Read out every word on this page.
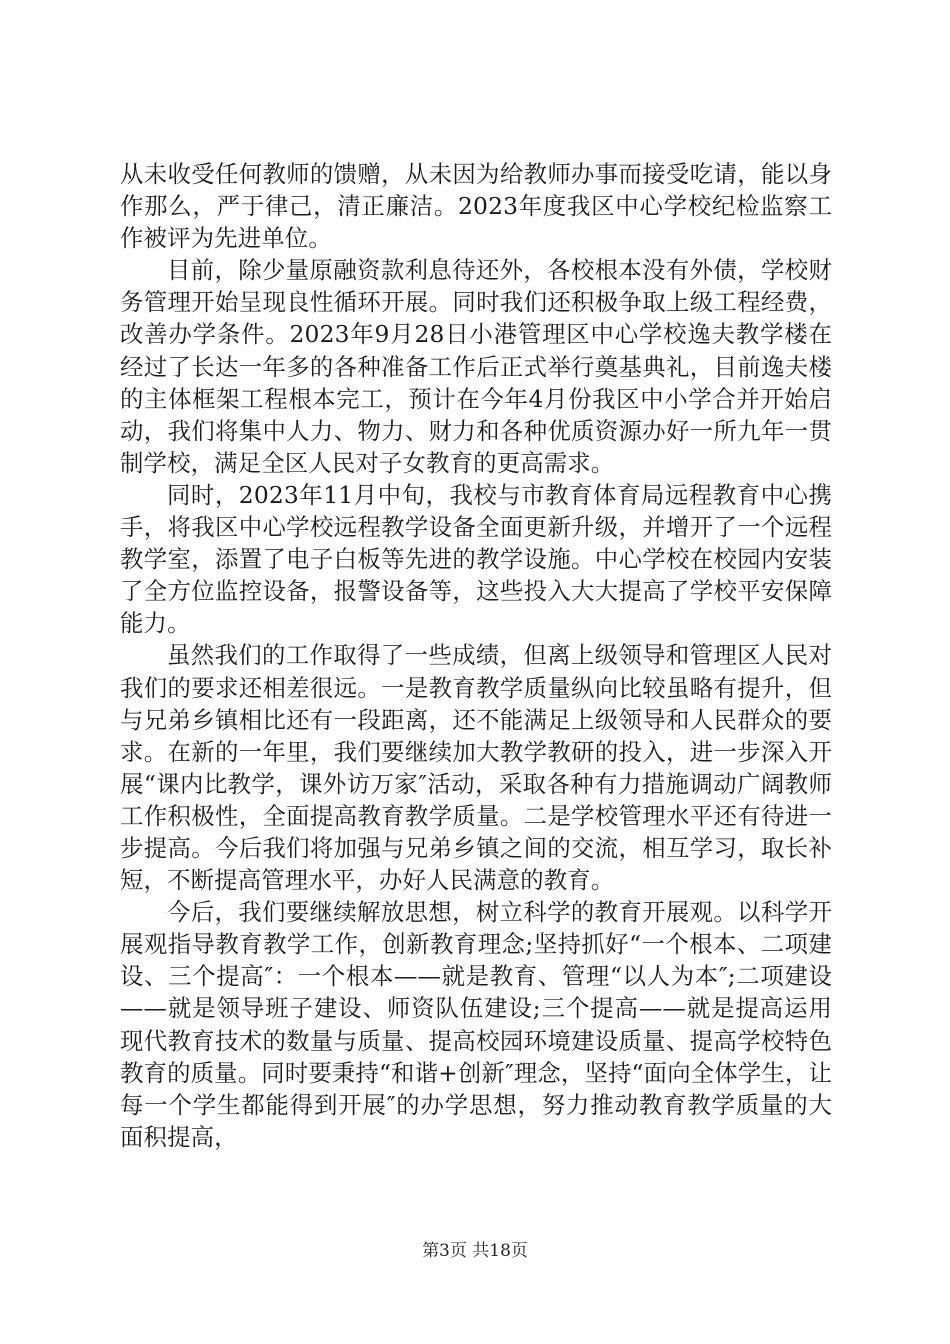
从未收受任何教师的馈赠，从未因为给教师办事而接受吃请，能以身作那么，严于律己，清正廉洁。2023年度我区中心学校纪检监察工作被评为先进单位。

目前，除少量原融资款利息待还外，各校根本没有外债，学校财务管理开始呈现良性循环开展。同时我们还积极争取上级工程经费，改善办学条件。2023年9月28日小港管理区中心学校逸夫教学楼在经过了长达一年多的各种准备工作后正式举行奠基典礼，目前逸夫楼的主体框架工程根本完工，预计在今年4月份我区中小学合并开始启动，我们将集中人力、物力、财力和各种优质资源办好一所九年一贯制学校，满足全区人民对子女教育的更高需求。

同时，2023年11月中旬，我校与市教育体育局远程教育中心携手，将我区中心学校远程教学设备全面更新升级，并增开了一个远程教学室，添置了电子白板等先进的教学设施。中心学校在校园内安装了全方位监控设备，报警设备等，这些投入大大提高了学校平安保障能力。

虽然我们的工作取得了一些成绩，但离上级领导和管理区人民对我们的要求还相差很远。一是教育教学质量纵向比较虽略有提升，但与兄弟乡镇相比还有一段距离，还不能满足上级领导和人民群众的要求。在新的一年里，我们要继续加大教学教研的投入，进一步深入开展“课内比教学，课外访万家″活动，采取各种有力措施调动广阔教师工作积极性，全面提高教育教学质量。二是学校管理水平还有待进一步提高。今后我们将加强与兄弟乡镇之间的交流，相互学习，取长补短，不断提高管理水平，办好人民满意的教育。

今后，我们要继续解放思想，树立科学的教育开展观。以科学开展观指导教育教学工作，创新教育理念;坚持抓好“一个根本、二项建设、三个提高″：一个根本——就是教育、管理“以人为本″;二项建设——就是领导班子建设、师资队伍建设;三个提高——就是提高运用现代教育技术的数量与质量、提高校园环境建设质量、提高学校特色教育的质量。同时要秉持“和谐+创新″理念，坚持“面向全体学生，让每一个学生都能得到开展″的办学思想，努力推动教育教学质量的大面积提高，

第3页 共18页
